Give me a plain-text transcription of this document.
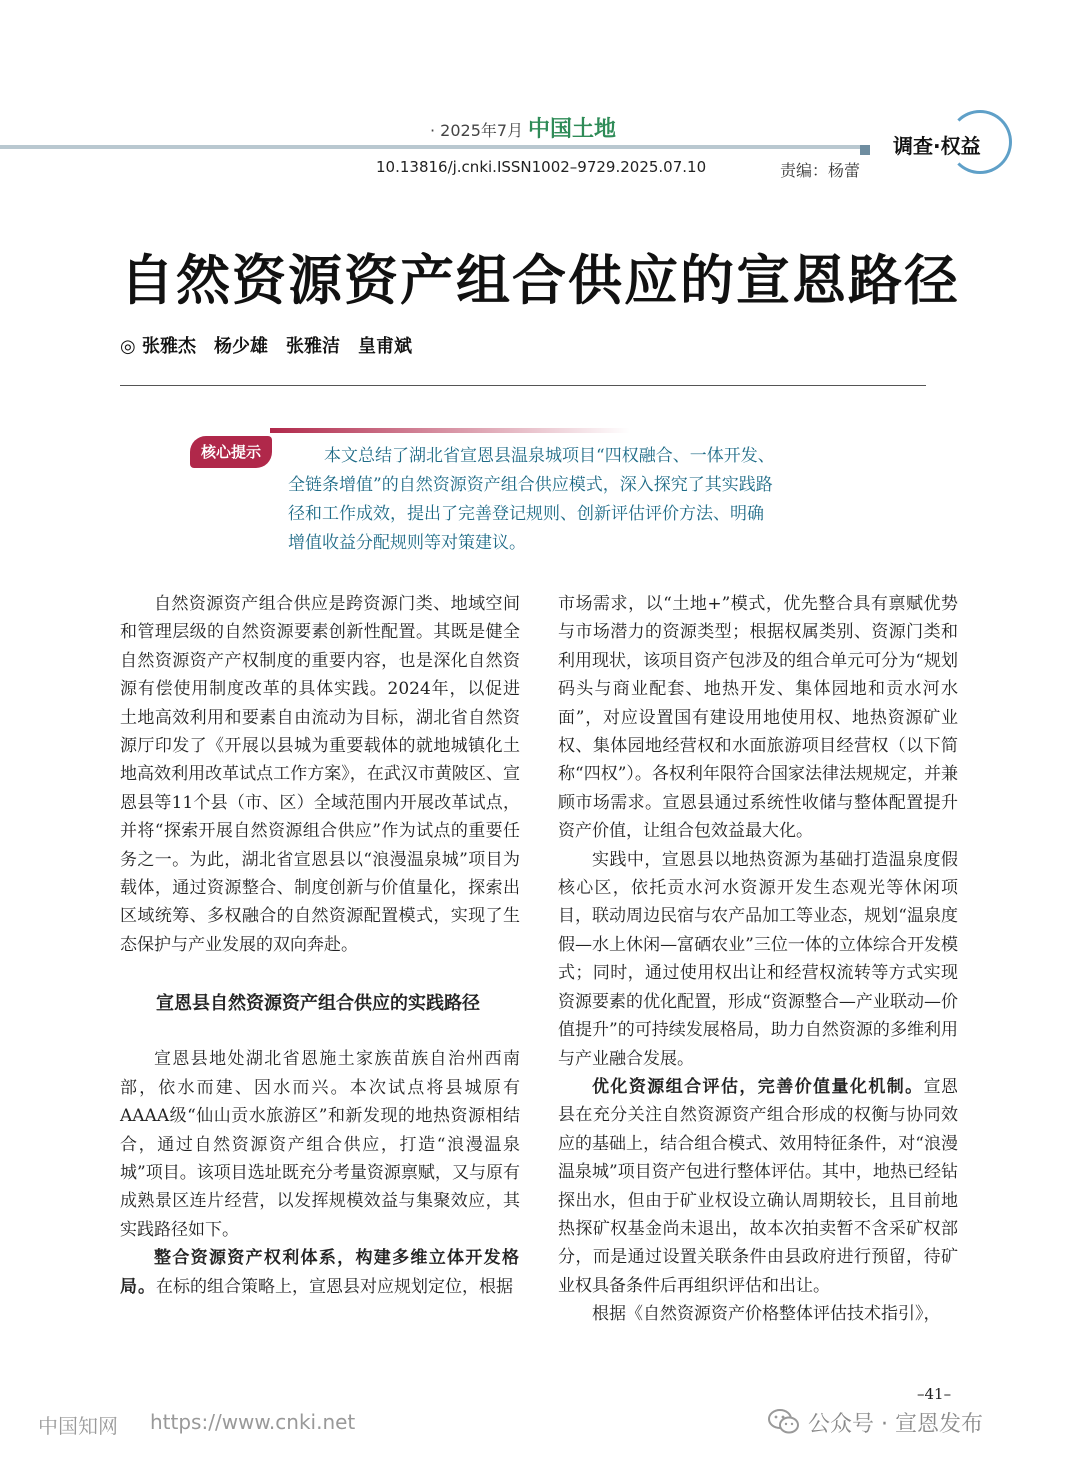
· 2025年7月 ·
中国土地
10.13816/j.cnki.ISSN1002–9729.2025.07.10	责编：杨蕾
调查·权益
自然资源资产组合供应的宣恩路径
◎ 张雅杰　杨少雄　张雅洁　皇甫斌
核心提示	本文总结了湖北省宣恩县温泉城项目“四权融合、一体开发、全链条增值”的自然资源资产组合供应模式，深入探究了其实践路径和工作成效，提出了完善登记规则、创新评估评价方法、明确增值收益分配规则等对策建议。

自然资源资产组合供应是跨资源门类、地域空间和管理层级的自然资源要素创新性配置。其既是健全自然资源资产产权制度的重要内容，也是深化自然资源有偿使用制度改革的具体实践。2024年，以促进土地高效利用和要素自由流动为目标，湖北省自然资源厅印发了《开展以县城为重要载体的就地城镇化土地高效利用改革试点工作方案》，在武汉市黄陂区、宣恩县等11个县（市、区）全域范围内开展改革试点，并将“探索开展自然资源组合供应”作为试点的重要任务之一。为此，湖北省宣恩县以“浪漫温泉城”项目为载体，通过资源整合、制度创新与价值量化，探索出区域统筹、多权融合的自然资源配置模式，实现了生态保护与产业发展的双向奔赴。

宣恩县自然资源资产组合供应的实践路径

宣恩县地处湖北省恩施土家族苗族自治州西南部，依水而建、因水而兴。本次试点将县城原有AAAA级“仙山贡水旅游区”和新发现的地热资源相结合，通过自然资源资产组合供应，打造“浪漫温泉城”项目。该项目选址既充分考量资源禀赋，又与原有成熟景区连片经营，以发挥规模效益与集聚效应，其实践路径如下。

整合资源资产权利体系，构建多维立体开发格局。在标的组合策略上，宣恩县对应规划定位，根据

市场需求，以“土地+”模式，优先整合具有禀赋优势与市场潜力的资源类型；根据权属类别、资源门类和利用现状，该项目资产包涉及的组合单元可分为“规划码头与商业配套、地热开发、集体园地和贡水河水面”，对应设置国有建设用地使用权、地热资源矿业权、集体园地经营权和水面旅游项目经营权（以下简称“四权”）。各权利年限符合国家法律法规规定，并兼顾市场需求。宣恩县通过系统性收储与整体配置提升资产价值，让组合包效益最大化。

实践中，宣恩县以地热资源为基础打造温泉度假核心区，依托贡水河水资源开发生态观光等休闲项目，联动周边民宿与农产品加工等业态，规划“温泉度假—水上休闲—富硒农业”三位一体的立体综合开发模式；同时，通过使用权出让和经营权流转等方式实现资源要素的优化配置，形成“资源整合—产业联动—价值提升”的可持续发展格局，助力自然资源的多维利用与产业融合发展。

优化资源组合评估，完善价值量化机制。宣恩县在充分关注自然资源资产组合形成的权衡与协同效应的基础上，结合组合模式、效用特征条件，对“浪漫温泉城”项目资产包进行整体评估。其中，地热已经钻探出水，但由于矿业权设立确认周期较长，且目前地热探矿权基金尚未退出，故本次拍卖暂不含采矿权部分，而是通过设置关联条件由县政府进行预留，待矿业权具备条件后再组织评估和出让。

根据《自然资源资产价格整体评估技术指引》，

–41–
中国知网 https://www.cnki.net	公众号 · 宣恩发布
